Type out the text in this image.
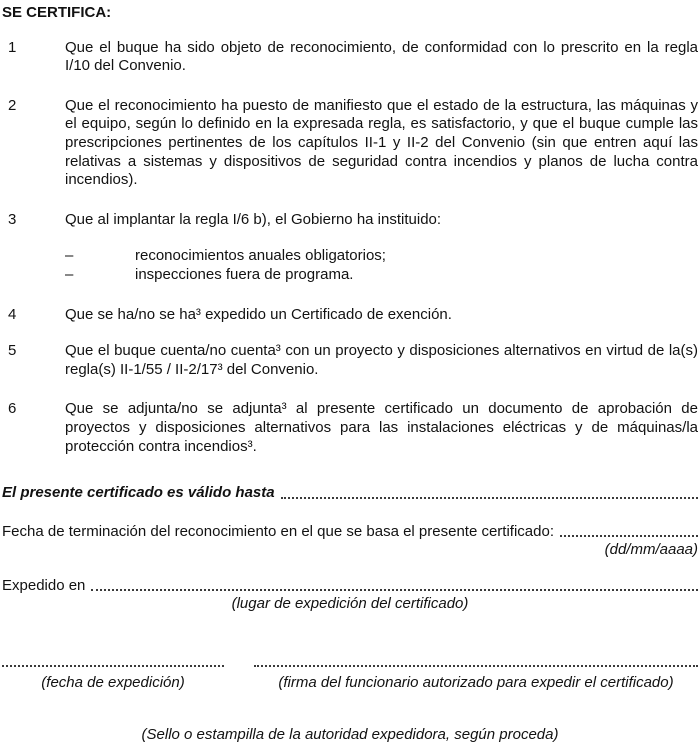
SE CERTIFICA:
1	Que el buque ha sido objeto de reconocimiento, de conformidad con lo prescrito en la regla I/10 del Convenio.
2	Que el reconocimiento ha puesto de manifiesto que el estado de la estructura, las máquinas y el equipo, según lo definido en la expresada regla, es satisfactorio, y que el buque cumple las prescripciones pertinentes de los capítulos II-1 y II-2 del Convenio (sin que entren aquí las relativas a sistemas y dispositivos de seguridad contra incendios y planos de lucha contra incendios).
3	Que al implantar la regla I/6 b), el Gobierno ha instituido:
–	reconocimientos anuales obligatorios;
–	inspecciones fuera de programa.
4	Que se ha/no se ha³ expedido un Certificado de exención.
5	Que el buque cuenta/no cuenta³ con un proyecto y disposiciones alternativos en virtud de la(s) regla(s) II-1/55 / II-2/17³ del Convenio.
6	Que se adjunta/no se adjunta³ al presente certificado un documento de aprobación de proyectos y disposiciones alternativos para las instalaciones eléctricas y de máquinas/la protección contra incendios³.
El presente certificado es válido hasta
Fecha de terminación del reconocimiento en el que se basa el presente certificado:
(dd/mm/aaaa)
Expedido en
(lugar de expedición del certificado)
(fecha de expedición)	(firma del funcionario autorizado para expedir el certificado)
(Sello o estampilla de la autoridad expedidora, según proceda)
